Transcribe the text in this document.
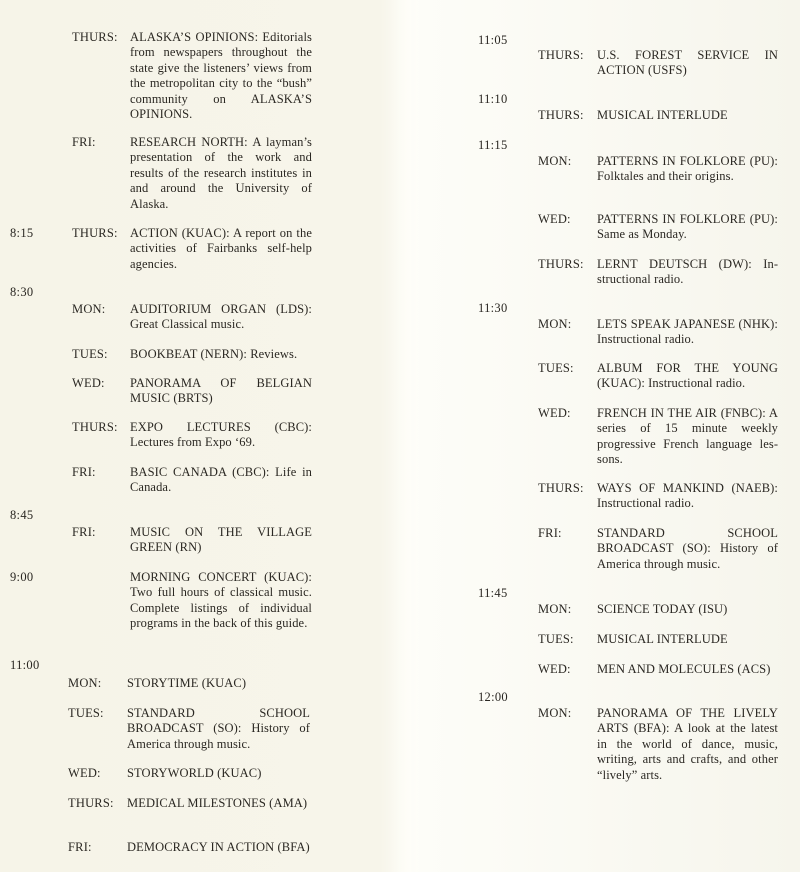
THURS: ALASKA’S OPINIONS: Editorials from newspapers throughout the state give the listeners’ views from the metropolitan city to the “bush” community on ALASKA’S OPINIONS.
FRI:	RESEARCH NORTH: A layman’s presentation of the work and results of the research institutes in and around the University of Alaska.
8:15	THURS: ACTION (KUAC): A report on the activities of Fairbanks self-help agencies.
8:30
MON: AUDITORIUM ORGAN (LDS): Great Classical music.
TUES: BOOKBEAT (NERN): Reviews.
WED: PANORAMA OF BELGIAN MUSIC (BRTS)
THURS: EXPO LECTURES (CBC): Lectures from Expo ‘69.
FRI:	BASIC CANADA (CBC): Life in Canada.
8:45
FRI:	MUSIC ON THE VILLAGE GREEN (RN)
9:00	MORNING CONCERT (KUAC): Two full hours of classical music. Complete listings of individual programs in the back of this guide.
11:00
MON: STORYTIME (KUAC)
TUES: STANDARD SCHOOL BROADCAST (SO): History of America through music.
WED: STORYWORLD (KUAC)
THURS: MEDICAL MILESTONES (AMA)
FRI:	DEMOCRACY IN ACTION (BFA)
11:05
THURS: U.S. FOREST SERVICE IN ACTION (USFS)
11:10
THURS: MUSICAL INTERLUDE
11:15
MON: PATTERNS IN FOLKLORE (PU): Folktales and their origins.
WED: PATTERNS IN FOLKLORE (PU): Same as Monday.
THURS: LERNT DEUTSCH (DW): Instructional radio.
11:30
MON: LETS SPEAK JAPANESE (NHK): Instructional radio.
TUES: ALBUM FOR THE YOUNG (KUAC): Instructional radio.
WED: FRENCH IN THE AIR (FNBC): A series of 15 minute weekly progressive French language lessons.
THURS: WAYS OF MANKIND (NAEB): Instructional radio.
FRI:	STANDARD SCHOOL BROADCAST (SO): History of America through music.
11:45
MON: SCIENCE TODAY (ISU)
TUES: MUSICAL INTERLUDE
WED: MEN AND MOLECULES (ACS)
12:00
MON: PANORAMA OF THE LIVELY ARTS (BFA): A look at the latest in the world of dance, music, writing, arts and crafts, and other “lively” arts.
